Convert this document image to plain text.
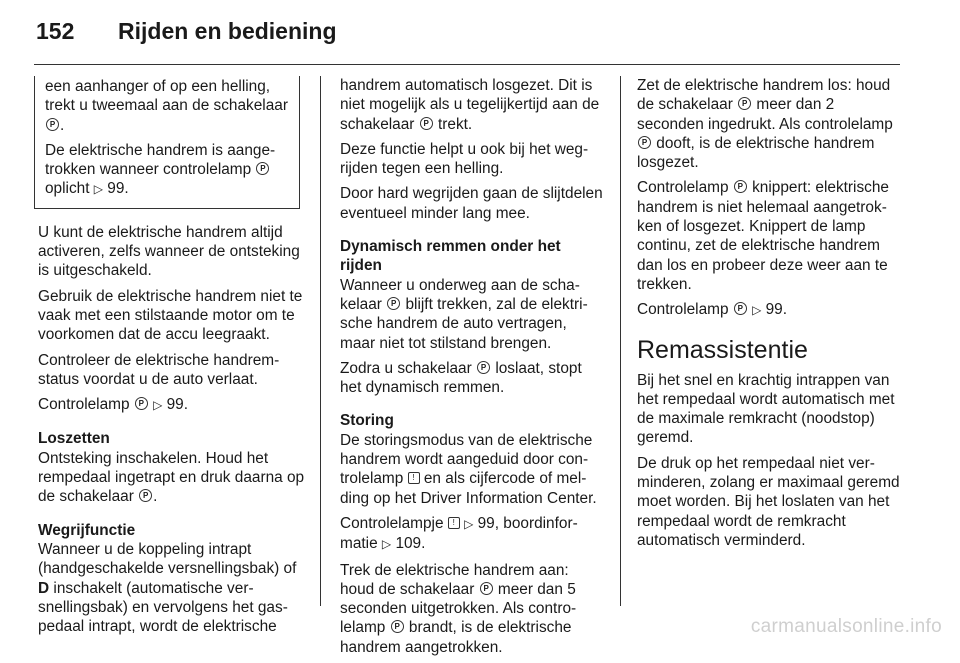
152 Rijden en bediening

een aanhanger of op een helling, trekt u tweemaal aan de schakelaar P.

De elektrische handrem is aangetrokken wanneer controlelamp P oplicht ▷ 99.

U kunt de elektrische handrem altijd activeren, zelfs wanneer de ontsteking is uitgeschakeld.

Gebruik de elektrische handrem niet te vaak met een stilstaande motor om te voorkomen dat de accu leegraakt.

Controleer de elektrische handremstatus voordat u de auto verlaat.

Controlelamp P ▷ 99.

Loszetten
Ontsteking inschakelen. Houd het rempedaal ingetrapt en druk daarna op de schakelaar P .

Wegrijfunctie
Wanneer u de koppeling intrapt (handgeschakelde versnellingsbak) of D inschakelt (automatische versnellingsbak) en vervolgens het gaspedaal intrapt, wordt de elektrische

handrem automatisch losgezet. Dit is niet mogelijk als u tegelijkertijd aan de schakelaar P trekt.

Deze functie helpt u ook bij het wegrijden tegen een helling.

Door hard wegrijden gaan de slijtdelen eventueel minder lang mee.

Dynamisch remmen onder het rijden
Wanneer u onderweg aan de schakelaar P blijft trekken, zal de elektrische handrem de auto vertragen, maar niet tot stilstand brengen.

Zodra u schakelaar P loslaat, stopt het dynamisch remmen.

Storing
De storingsmodus van de elektrische handrem wordt aangeduid door controlelamp ! en als cijfercode of melding op het Driver Information Center.

Controlelampje ! ▷ 99, boordinformatie ▷ 109.

Trek de elektrische handrem aan: houd de schakelaar P meer dan 5 seconden uitgetrokken. Als controlelamp P brandt, is de elektrische handrem aangetrokken.

Zet de elektrische handrem los: houd de schakelaar P meer dan 2 seconden ingedrukt. Als controlelamp P dooft, is de elektrische handrem losgezet.

Controlelamp P knippert: elektrische handrem is niet helemaal aangetrokken of losgezet. Knippert de lamp continu, zet de elektrische handrem dan los en probeer deze weer aan te trekken.

Controlelamp P ▷ 99.

Remassistentie

Bij het snel en krachtig intrappen van het rempedaal wordt automatisch met de maximale remkracht (noodstop) geremd.

De druk op het rempedaal niet verminderen, zolang er maximaal geremd moet worden. Bij het loslaten van het rempedaal wordt de remkracht automatisch verminderd.

carmanualsonline.info
